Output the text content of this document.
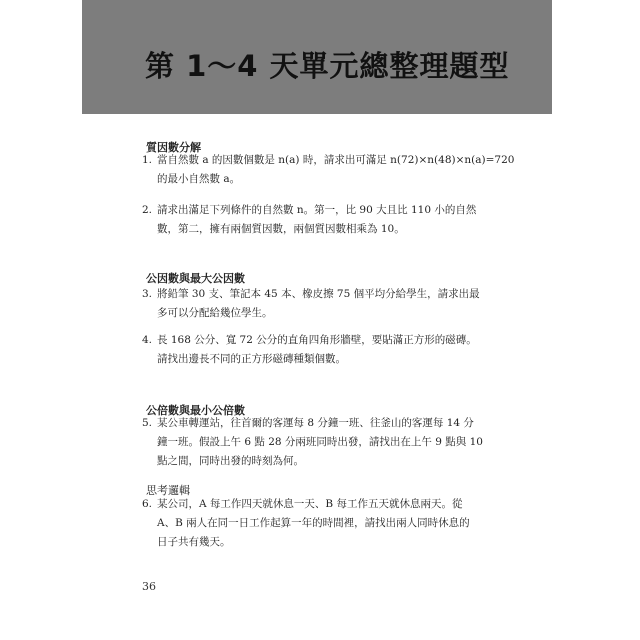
第 1～4 天單元總整理題型
質因數分解
1. 當自然數 a 的因數個數是 n(a) 時，請求出可滿足 n(72)×n(48)×n(a)=720
的最小自然數 a。
2. 請求出滿足下列條件的自然數 n。第一，比 90 大且比 110 小的自然
數，第二，擁有兩個質因數，兩個質因數相乘為 10。
公因數與最大公因數
3. 將鉛筆 30 支、筆記本 45 本、橡皮擦 75 個平均分給學生，請求出最
多可以分配給幾位學生。
4. 長 168 公分、寬 72 公分的直角四角形牆壁，要貼滿正方形的磁磚。
請找出邊長不同的正方形磁磚種類個數。
公倍數與最小公倍數
5. 某公車轉運站，往首爾的客運每 8 分鐘一班、往釜山的客運每 14 分
鐘一班。假設上午 6 點 28 分兩班同時出發，請找出在上午 9 點與 10
點之間，同時出發的時刻為何。
思考邏輯
6. 某公司，A 每工作四天就休息一天、B 每工作五天就休息兩天。從
A、B 兩人在同一日工作起算一年的時間裡，請找出兩人同時休息的
日子共有幾天。
36
